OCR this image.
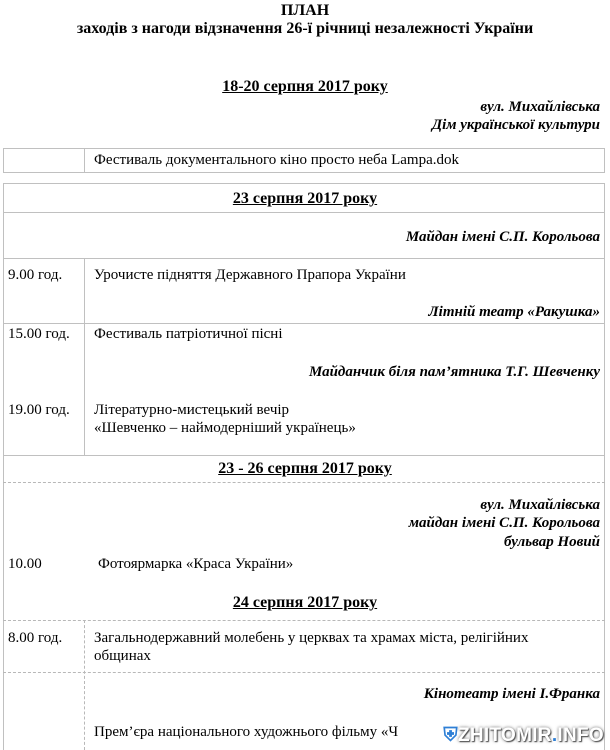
ПЛАН
заходів з нагоди відзначення 26-ї річниці незалежності України
18-20 серпня 2017 року
вул. Михайлівська
Дім української культури
Фестиваль документального кіно просто неба Lampa.dok
23 серпня 2017 року
Майдан імені С.П. Корольова
9.00 год. Урочисте підняття Державного Прапора України
Літній театр «Ракушка»
15.00 год. Фестиваль патріотичної пісні
Майданчик біля пам’ятника Т.Г. Шевченку
19.00 год. Літературно-мистецький вечір
«Шевченко – наймодерніший українець»
23 - 26 серпня 2017 року
вул. Михайлівська
майдан імені С.П. Корольова
бульвар Новий
10.00	Фотоярмарка «Краса України»
24 серпня 2017 року
8.00 год. Загальнодержавний молебень у церквах та храмах міста, релігійних
общинах
Кінотеатр імені І.Франка
Прем’єра національного художнього фільму «Ч ⛨ZHITOMIR.INFO
